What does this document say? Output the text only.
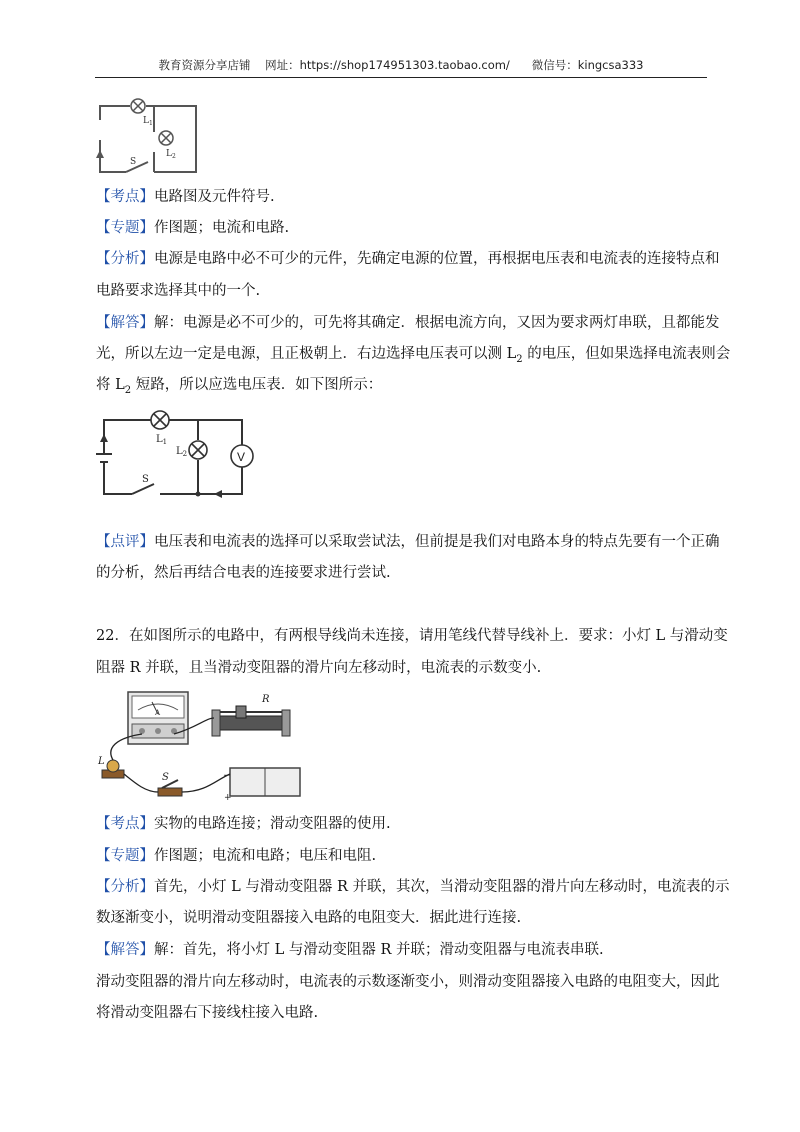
教育资源分享店铺    网址：https://shop174951303.taobao.com/      微信号：kingcsa333
$L_1$
$L_2$
S
【考点】电路图及元件符号.
【专题】作图题；电流和电路.
【分析】电源是电路中必不可少的元件，先确定电源的位置，再根据电压表和电流表的连接特点和
电路要求选择其中的一个.
【解答】解：电源是必不可少的，可先将其确定．根据电流方向，又因为要求两灯串联，且都能发
光，所以左边一定是电源，且正极朝上．右边选择电压表可以测 $L_2$ 的电压，但如果选择电流表则会
将 $L_2$ 短路，所以应选电压表．如下图所示：
V
$L_1$
$L_2$
S
【点评】电压表和电流表的选择可以采取尝试法，但前提是我们对电路本身的特点先要有一个正确
的分析，然后再结合电表的连接要求进行尝试.
22．在如图所示的电路中，有两根导线尚未连接，请用笔线代替导线补上．要求：小灯 L 与滑动变
阻器 R 并联，且当滑动变阻器的滑片向左移动时，电流表的示数变小.
A
R
−
+
L
S
【考点】实物的电路连接；滑动变阻器的使用.
【专题】作图题；电流和电路；电压和电阻.
【分析】首先，小灯 L 与滑动变阻器 R 并联，其次，当滑动变阻器的滑片向左移动时，电流表的示
数逐渐变小，说明滑动变阻器接入电路的电阻变大．据此进行连接.
【解答】解：首先，将小灯 L 与滑动变阻器 R 并联；滑动变阻器与电流表串联.
滑动变阻器的滑片向左移动时，电流表的示数逐渐变小，则滑动变阻器接入电路的电阻变大，因此
将滑动变阻器右下接线柱接入电路.
